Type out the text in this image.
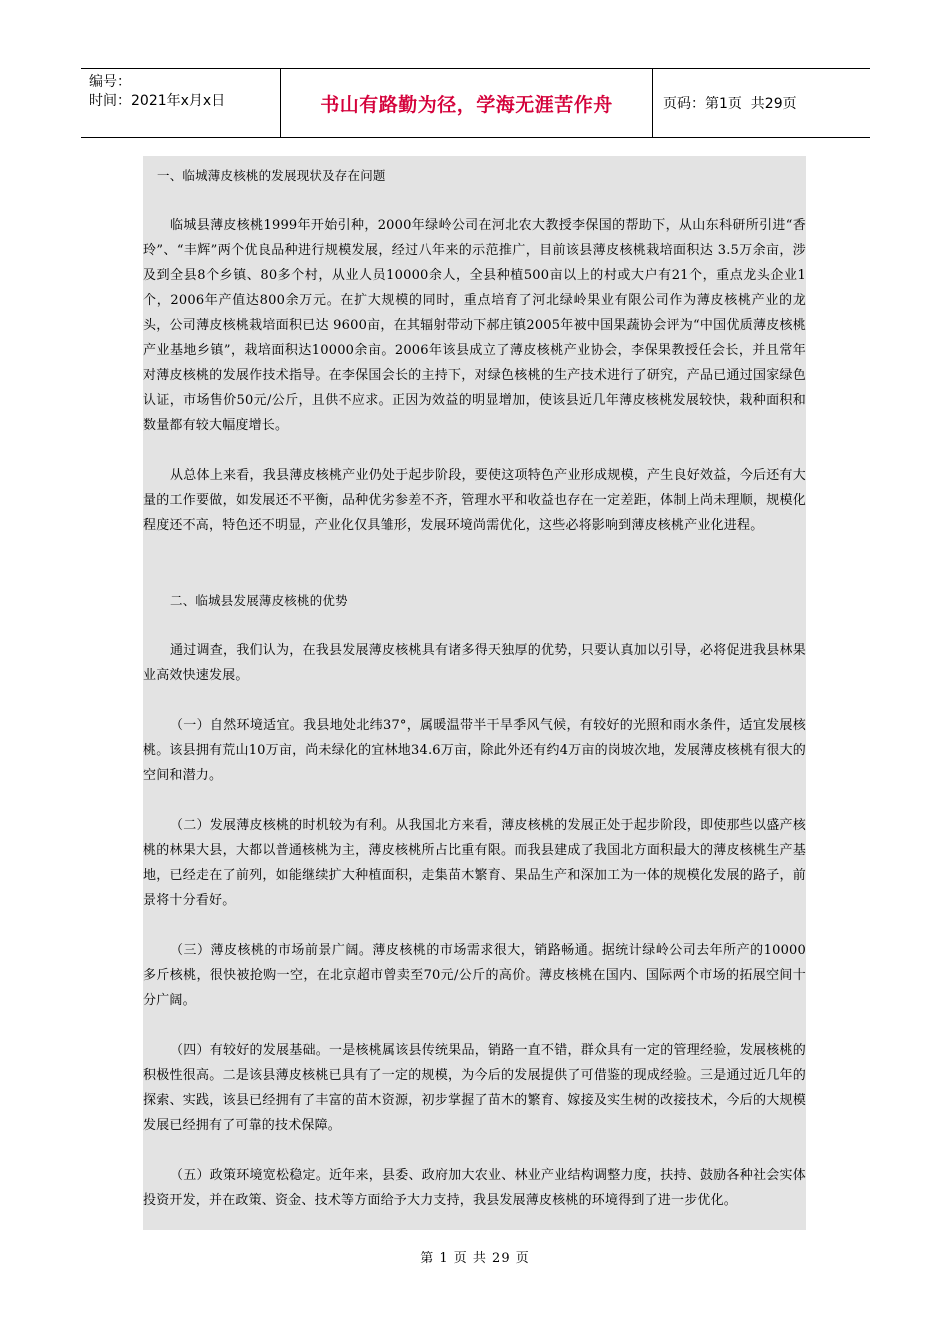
编号：
时间：2021年x月x日	书山有路勤为径，学海无涯苦作舟	页码：第1页  共29页

一、临城薄皮核桃的发展现状及存在问题

临城县薄皮核桃1999年开始引种，2000年绿岭公司在河北农大教授李保国的帮助下，从山东科研所引进“香玲”、“丰辉”两个优良品种进行规模发展，经过八年来的示范推广，目前该县薄皮核桃栽培面积达 3.5万余亩，涉及到全县8个乡镇、80多个村，从业人员10000余人，全县种植500亩以上的村或大户有21个，重点龙头企业1个，2006年产值达800余万元。在扩大规模的同时，重点培育了河北绿岭果业有限公司作为薄皮核桃产业的龙头，公司薄皮核桃栽培面积已达 9600亩，在其辐射带动下郝庄镇2005年被中国果蔬协会评为“中国优质薄皮核桃产业基地乡镇”，栽培面积达10000余亩。2006年该县成立了薄皮核桃产业协会，李保果教授任会长，并且常年对薄皮核桃的发展作技术指导。在李保国会长的主持下，对绿色核桃的生产技术进行了研究，产品已通过国家绿色认证，市场售价50元/公斤，且供不应求。正因为效益的明显增加，使该县近几年薄皮核桃发展较快，栽种面积和数量都有较大幅度增长。

从总体上来看，我县薄皮核桃产业仍处于起步阶段，要使这项特色产业形成规模，产生良好效益，今后还有大量的工作要做，如发展还不平衡，品种优劣参差不齐，管理水平和收益也存在一定差距，体制上尚未理顺，规模化程度还不高，特色还不明显，产业化仅具雏形，发展环境尚需优化，这些必将影响到薄皮核桃产业化进程。

二、临城县发展薄皮核桃的优势

通过调查，我们认为，在我县发展薄皮核桃具有诸多得天独厚的优势，只要认真加以引导，必将促进我县林果业高效快速发展。

（一）自然环境适宜。我县地处北纬37°，属暖温带半干旱季风气候，有较好的光照和雨水条件，适宜发展核桃。该县拥有荒山10万亩，尚未绿化的宜林地34.6万亩，除此外还有约4万亩的岗坡次地，发展薄皮核桃有很大的空间和潜力。

（二）发展薄皮核桃的时机较为有利。从我国北方来看，薄皮核桃的发展正处于起步阶段，即使那些以盛产核桃的林果大县，大都以普通核桃为主，薄皮核桃所占比重有限。而我县建成了我国北方面积最大的薄皮核桃生产基地，已经走在了前列，如能继续扩大种植面积，走集苗木繁育、果品生产和深加工为一体的规模化发展的路子，前景将十分看好。

（三）薄皮核桃的市场前景广阔。薄皮核桃的市场需求很大，销路畅通。据统计绿岭公司去年所产的10000多斤核桃，很快被抢购一空，在北京超市曾卖至70元/公斤的高价。薄皮核桃在国内、国际两个市场的拓展空间十分广阔。

（四）有较好的发展基础。一是核桃属该县传统果品，销路一直不错，群众具有一定的管理经验，发展核桃的积极性很高。二是该县薄皮核桃已具有了一定的规模，为今后的发展提供了可借鉴的现成经验。三是通过近几年的探索、实践，该县已经拥有了丰富的苗木资源，初步掌握了苗木的繁育、嫁接及实生树的改接技术，今后的大规模发展已经拥有了可靠的技术保障。

（五）政策环境宽松稳定。近年来，县委、政府加大农业、林业产业结构调整力度，扶持、鼓励各种社会实体投资开发，并在政策、资金、技术等方面给予大力支持，我县发展薄皮核桃的环境得到了进一步优化。

第 1 页 共 29 页
